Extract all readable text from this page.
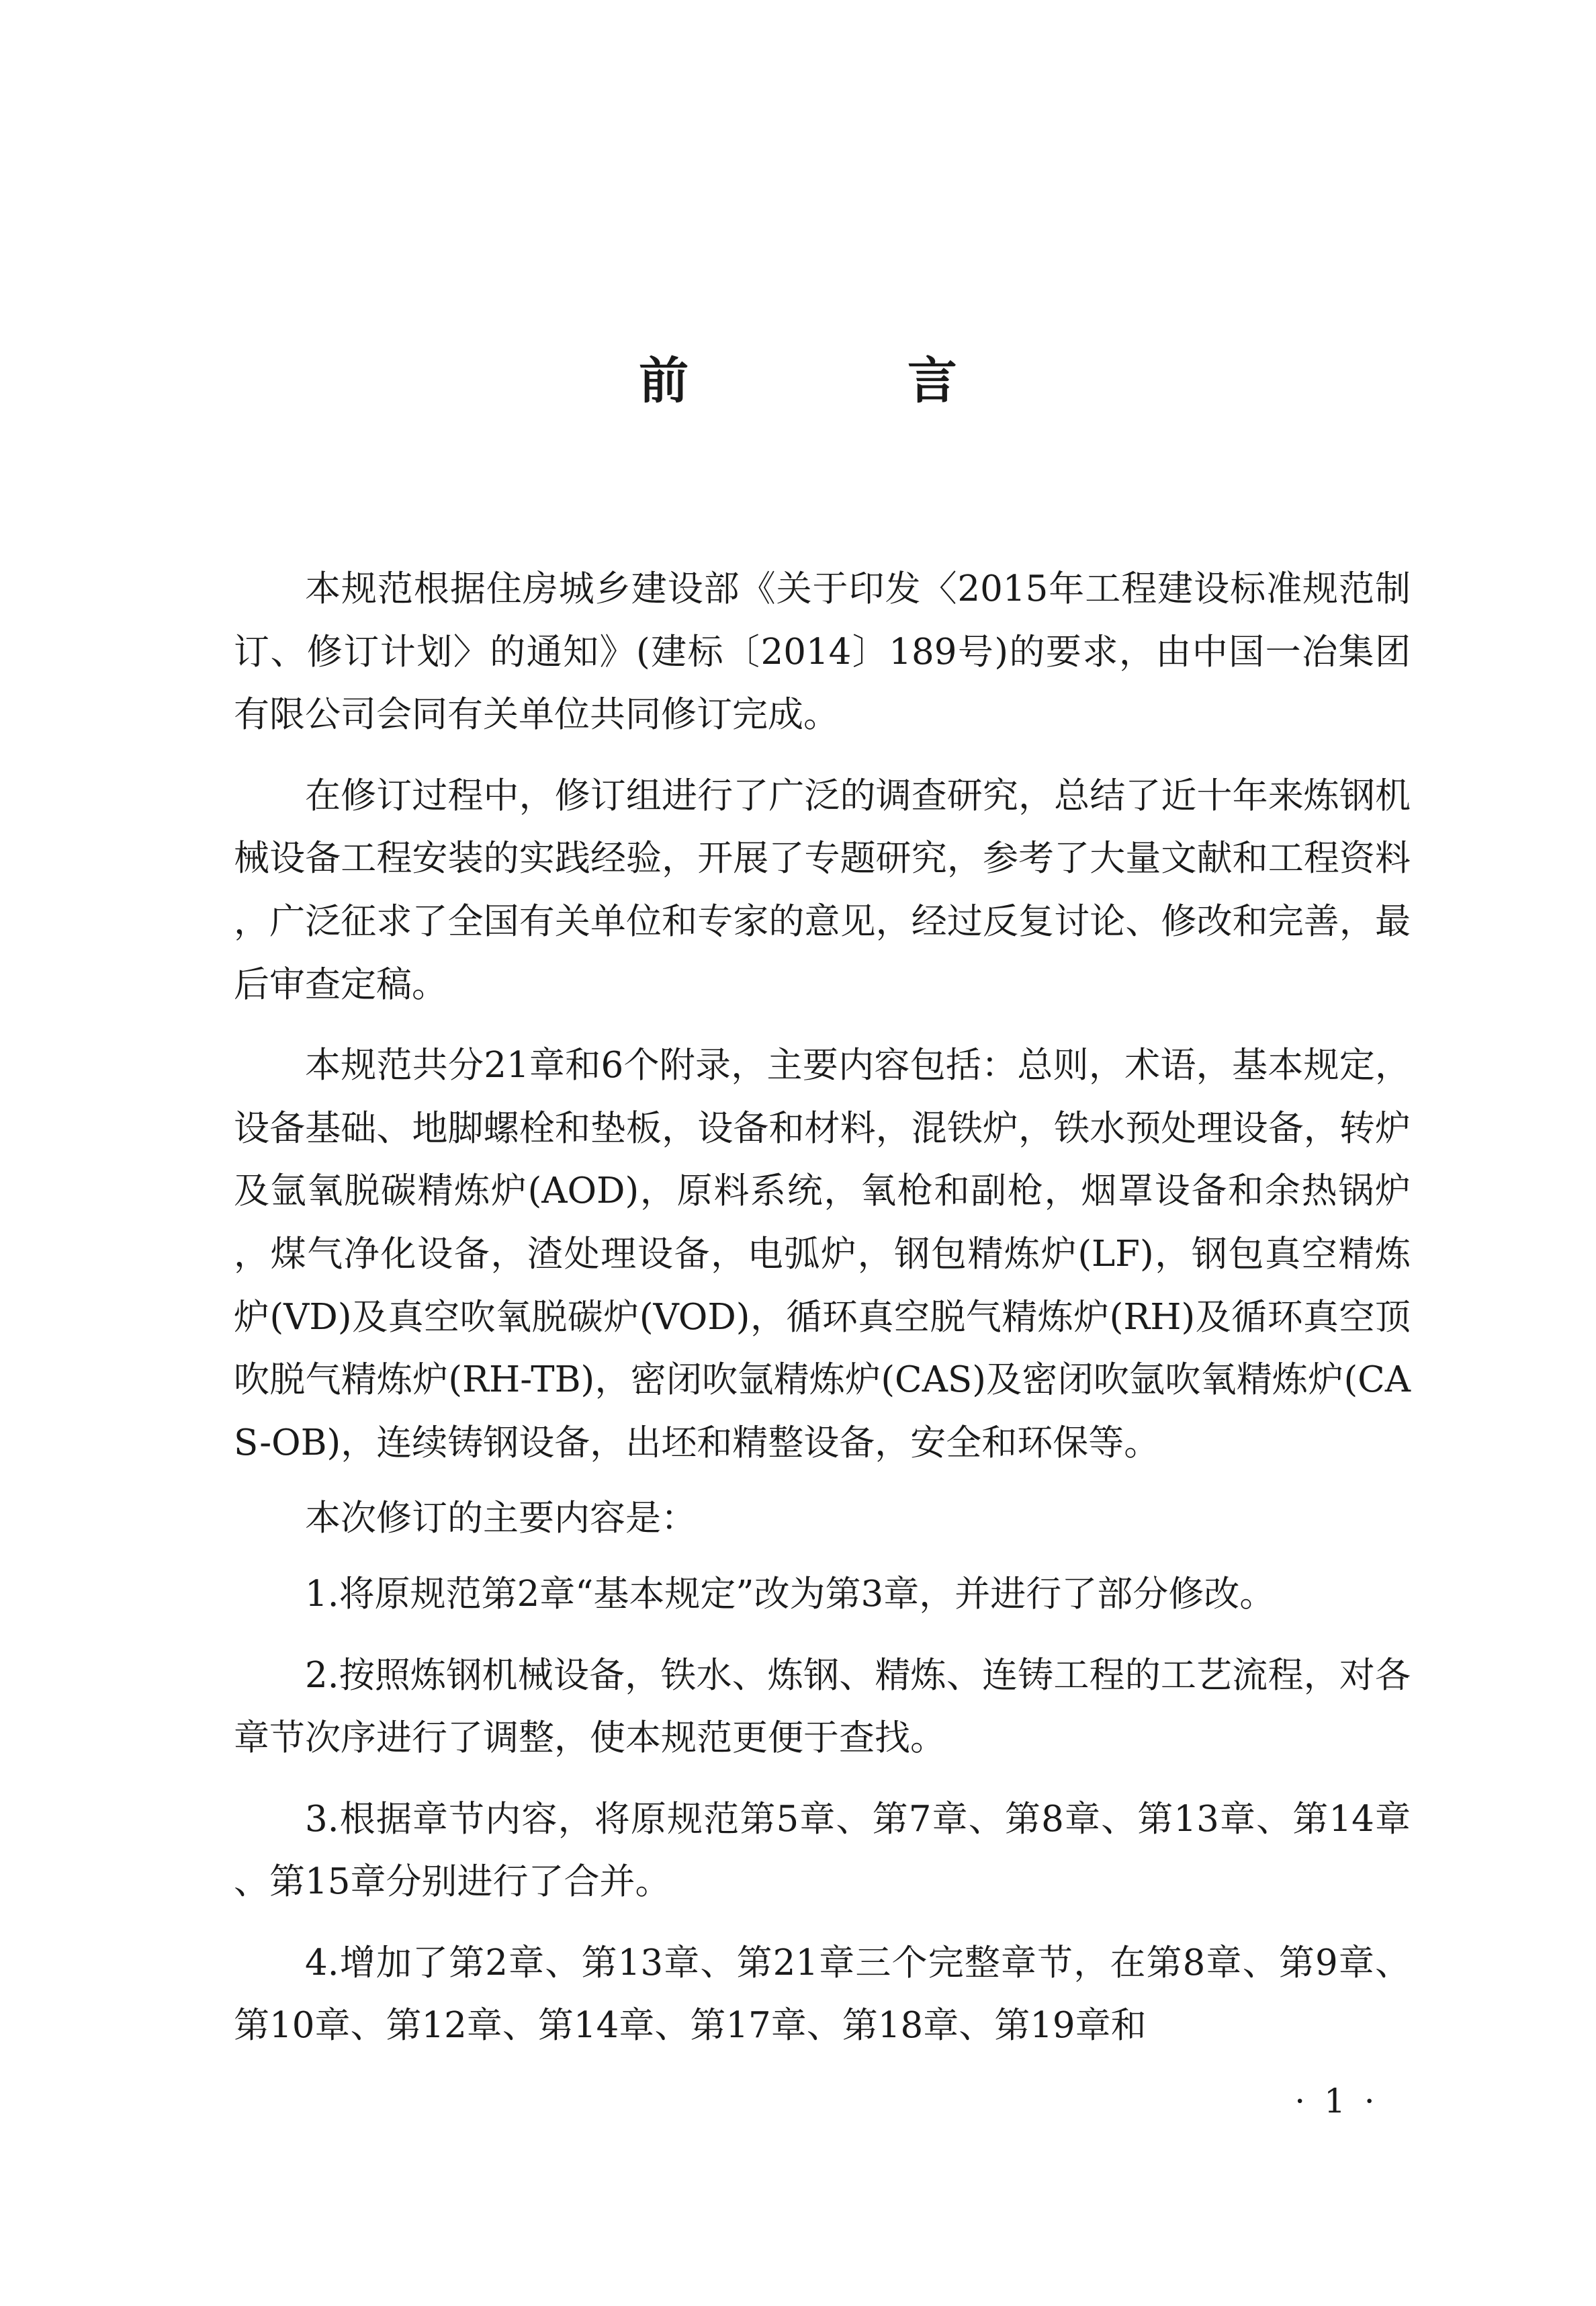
前 言

本规范根据住房城乡建设部《关于印发〈2015年工程建设标准规范制订、修订计划〉的通知》(建标〔2014〕189号)的要求，由中国一冶集团有限公司会同有关单位共同修订完成。

在修订过程中，修订组进行了广泛的调查研究，总结了近十年来炼钢机械设备工程安装的实践经验，开展了专题研究，参考了大量文献和工程资料，广泛征求了全国有关单位和专家的意见，经过反复讨论、修改和完善，最后审查定稿。

本规范共分21章和6个附录，主要内容包括：总则，术语，基本规定，设备基础、地脚螺栓和垫板，设备和材料，混铁炉，铁水预处理设备，转炉及氩氧脱碳精炼炉(AOD)，原料系统，氧枪和副枪，烟罩设备和余热锅炉，煤气净化设备，渣处理设备，电弧炉，钢包精炼炉(LF)，钢包真空精炼炉(VD)及真空吹氧脱碳炉(VOD)，循环真空脱气精炼炉(RH)及循环真空顶吹脱气精炼炉(RH-TB)，密闭吹氩精炼炉(CAS)及密闭吹氩吹氧精炼炉(CAS-OB)，连续铸钢设备，出坯和精整设备，安全和环保等。

本次修订的主要内容是：

1.将原规范第2章“基本规定”改为第3章，并进行了部分修改。

2.按照炼钢机械设备，铁水、炼钢、精炼、连铸工程的工艺流程，对各章节次序进行了调整，使本规范更便于查找。

3.根据章节内容，将原规范第5章、第7章、第8章、第13章、第14章、第15章分别进行了合并。

4.增加了第2章、第13章、第21章三个完整章节，在第8章、第9章、第10章、第12章、第14章、第17章、第18章、第19章和

· 1 ·
